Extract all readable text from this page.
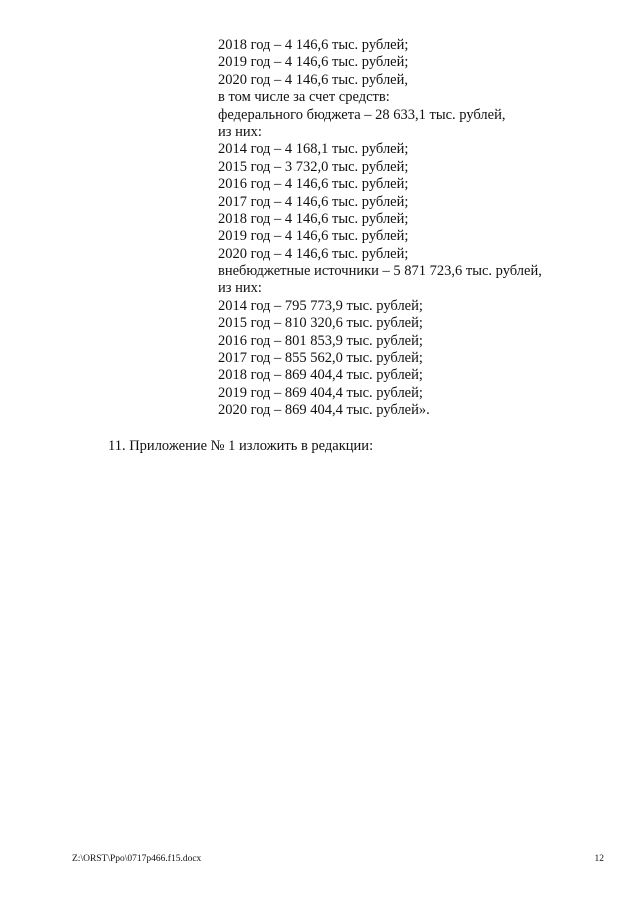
2018 год – 4 146,6 тыс. рублей;
2019 год – 4 146,6 тыс. рублей;
2020 год – 4 146,6 тыс. рублей,
в том числе за счет средств:
федерального бюджета – 28 633,1 тыс. рублей,
из них:
2014 год – 4 168,1 тыс. рублей;
2015 год – 3 732,0 тыс. рублей;
2016 год – 4 146,6 тыс. рублей;
2017 год – 4 146,6 тыс. рублей;
2018 год – 4 146,6 тыс. рублей;
2019 год – 4 146,6 тыс. рублей;
2020 год – 4 146,6 тыс. рублей;
внебюджетные источники – 5 871 723,6 тыс. рублей,
из них:
2014 год – 795 773,9 тыс. рублей;
2015 год – 810 320,6 тыс. рублей;
2016 год – 801 853,9 тыс. рублей;
2017 год – 855 562,0 тыс. рублей;
2018 год – 869 404,4 тыс. рублей;
2019 год – 869 404,4 тыс. рублей;
2020 год – 869 404,4 тыс. рублей».
11. Приложение № 1 изложить в редакции:
Z:\ORST\Ppo\0717p466.f15.docx	12
